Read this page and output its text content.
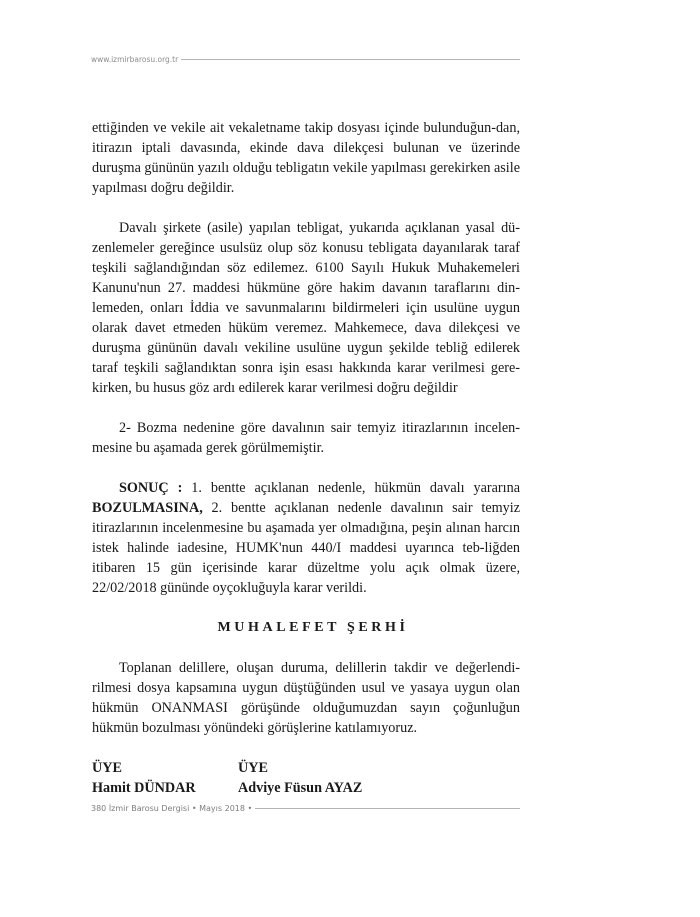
www.izmirbarosu.org.tr

ettiğinden ve vekile ait vekaletname takip dosyası içinde bulunduğun-dan, itirazın iptali davasında, ekinde dava dilekçesi bulunan ve üzerinde duruşma gününün yazılı olduğu tebligatın vekile yapılması gerekirken asile yapılması doğru değildir.

Davalı şirkete (asile) yapılan tebligat, yukarıda açıklanan yasal dü-zenlemeler gereğince usulsüz olup söz konusu tebligata dayanılarak taraf teşkili sağlandığından söz edilemez. 6100 Sayılı Hukuk Muhakemeleri Kanunu'nun 27. maddesi hükmüne göre hakim davanın taraflarını din-lemeden, onları İddia ve savunmalarını bildirmeleri için usulüne uygun olarak davet etmeden hüküm veremez. Mahkemece, dava dilekçesi ve duruşma gününün davalı vekiline usulüne uygun şekilde tebliğ edilerek taraf teşkili sağlandıktan sonra işin esası hakkında karar verilmesi gere-kirken, bu husus göz ardı edilerek karar verilmesi doğru değildir

2- Bozma nedenine göre davalının sair temyiz itirazlarının incelen-mesine bu aşamada gerek görülmemiştir.

SONUÇ : 1. bentte açıklanan nedenle, hükmün davalı yararına BOZULMASINA, 2. bentte açıklanan nedenle davalının sair temyiz itirazlarının incelenmesine bu aşamada yer olmadığına, peşin alınan harcın istek halinde iadesine, HUMK'nun 440/I maddesi uyarınca teb-liğden itibaren 15 gün içerisinde karar düzeltme yolu açık olmak üzere, 22/02/2018 gününde oyçokluğuyla karar verildi.

MUHALEFET ŞERHİ

Toplanan delillere, oluşan duruma, delillerin takdir ve değerlendi-rilmesi dosya kapsamına uygun düştüğünden usul ve yasaya uygun olan hükmün ONANMASI görüşünde olduğumuzdan sayın çoğunluğun hükmün bozulması yönündeki görüşlerine katılamıyoruz.

ÜYE
Hamit DÜNDAR
ÜYE
Adviye Füsun AYAZ
380 İzmir Barosu Dergisi • Mayıs 2018 •
